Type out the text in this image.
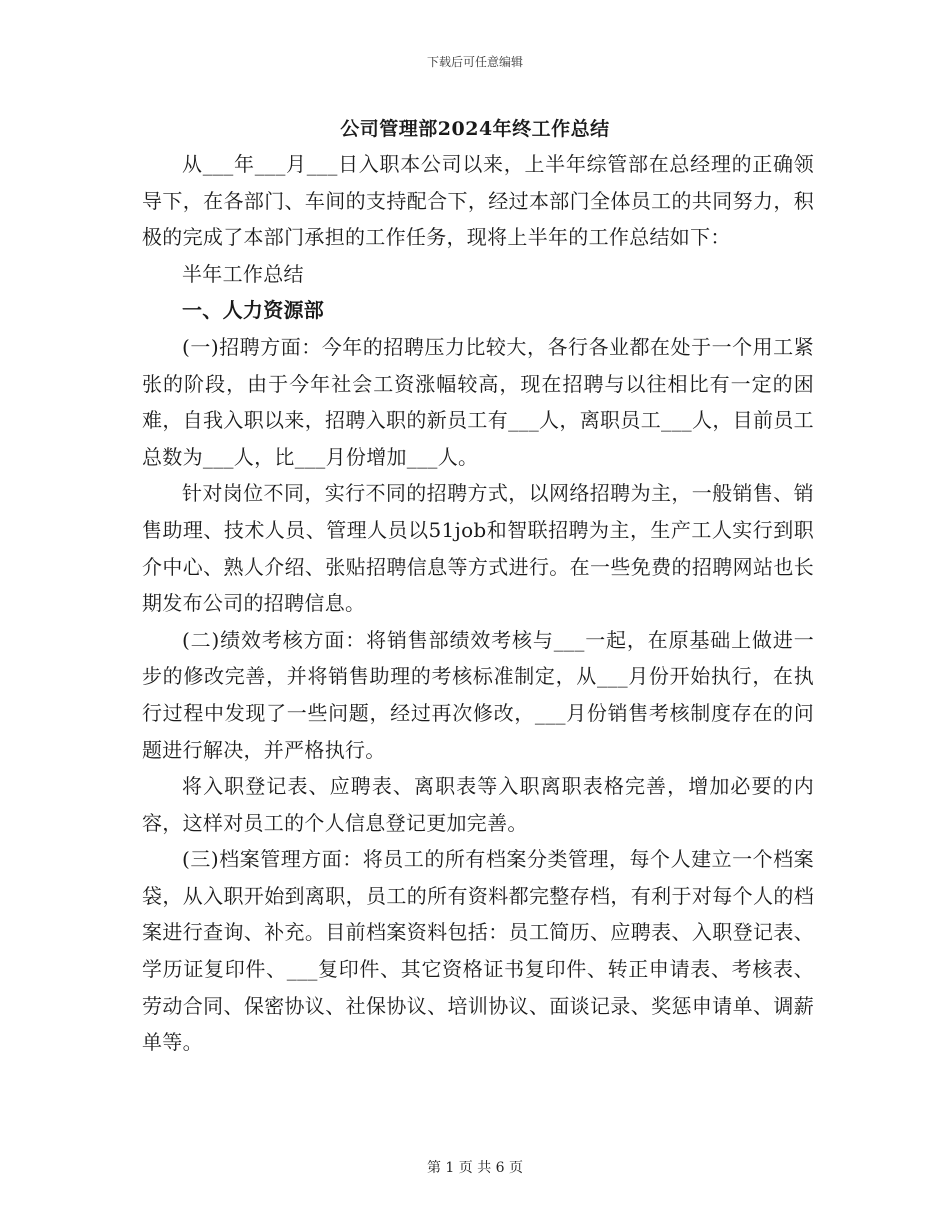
下载后可任意编辑
公司管理部2024年终工作总结

从___年___月___日入职本公司以来，上半年综管部在总经理的正确领导下，在各部门、车间的支持配合下，经过本部门全体员工的共同努力，积极的完成了本部门承担的工作任务，现将上半年的工作总结如下：

半年工作总结

一、人力资源部

(一)招聘方面：今年的招聘压力比较大，各行各业都在处于一个用工紧张的阶段，由于今年社会工资涨幅较高，现在招聘与以往相比有一定的困难，自我入职以来，招聘入职的新员工有___人，离职员工___人，目前员工总数为___人，比___月份增加___人。

针对岗位不同，实行不同的招聘方式，以网络招聘为主，一般销售、销售助理、技术人员、管理人员以51job和智联招聘为主，生产工人实行到职介中心、熟人介绍、张贴招聘信息等方式进行。在一些免费的招聘网站也长期发布公司的招聘信息。

(二)绩效考核方面：将销售部绩效考核与___一起，在原基础上做进一步的修改完善，并将销售助理的考核标准制定，从___月份开始执行，在执行过程中发现了一些问题，经过再次修改，___月份销售考核制度存在的问题进行解决，并严格执行。

将入职登记表、应聘表、离职表等入职离职表格完善，增加必要的内容，这样对员工的个人信息登记更加完善。

(三)档案管理方面：将员工的所有档案分类管理，每个人建立一个档案袋，从入职开始到离职，员工的所有资料都完整存档，有利于对每个人的档案进行查询、补充。目前档案资料包括：员工简历、应聘表、入职登记表、学历证复印件、___复印件、其它资格证书复印件、转正申请表、考核表、劳动合同、保密协议、社保协议、培训协议、面谈记录、奖惩申请单、调薪单等。

第 1 页 共 6 页
